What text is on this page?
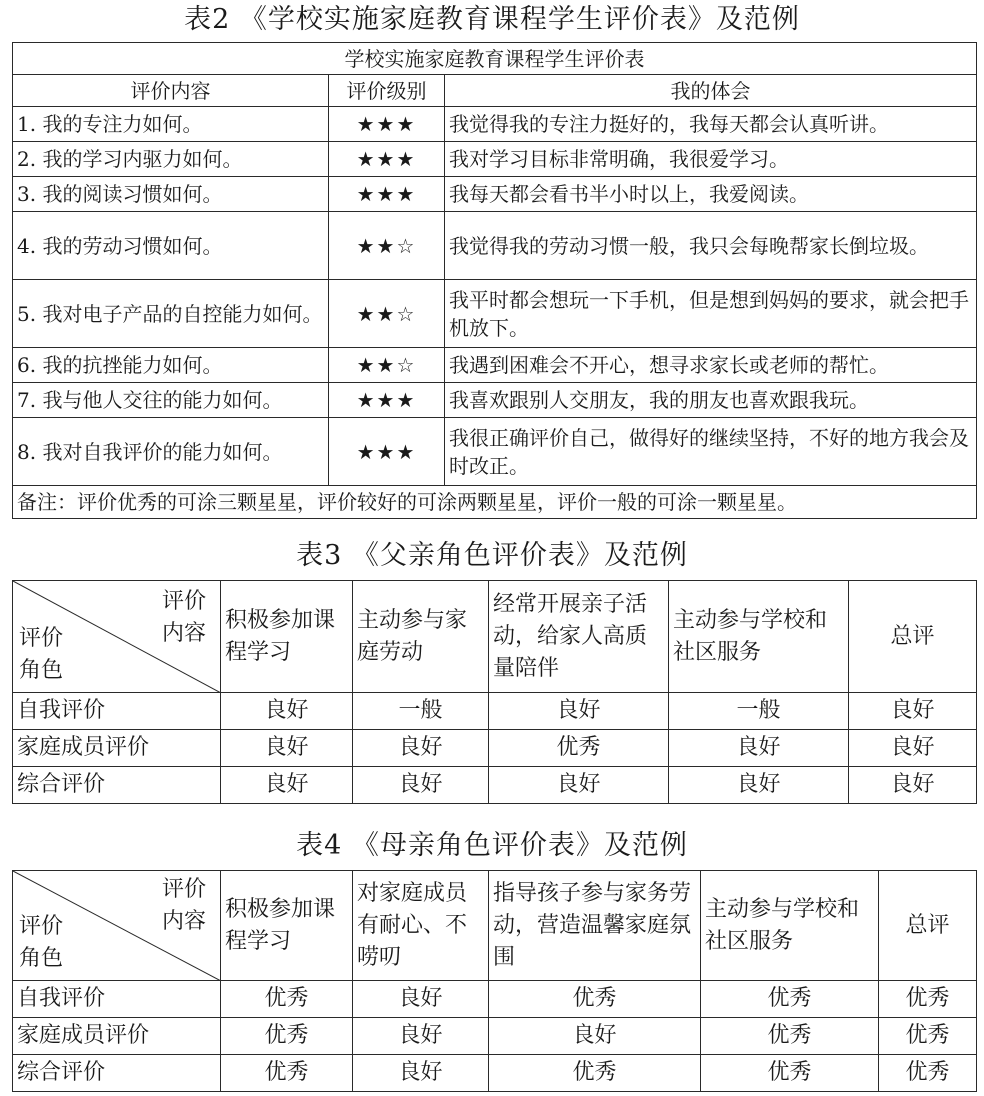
表2 《学校实施家庭教育课程学生评价表》及范例
学校实施家庭教育课程学生评价表		
评价内容	评价级别	我的体会
1. 我的专注力如何。	★★★	我觉得我的专注力挺好的，我每天都会认真听讲。
2. 我的学习内驱力如何。	★★★	我对学习目标非常明确，我很爱学习。
3. 我的阅读习惯如何。	★★★	我每天都会看书半小时以上，我爱阅读。
4. 我的劳动习惯如何。	★★☆	我觉得我的劳动习惯一般，我只会每晚帮家长倒垃圾。
5. 我对电子产品的自控能力如何。	★★☆	我平时都会想玩一下手机，但是想到妈妈的要求，就会把手机放下。
6. 我的抗挫能力如何。	★★☆	我遇到困难会不开心，想寻求家长或老师的帮忙。
7. 我与他人交往的能力如何。	★★★	我喜欢跟别人交朋友，我的朋友也喜欢跟我玩。
8. 我对自我评价的能力如何。	★★★	我很正确评价自己，做得好的继续坚持，不好的地方我会及时改正。
备注：评价优秀的可涂三颗星星，评价较好的可涂两颗星星，评价一般的可涂一颗星星。		
表3 《父亲角色评价表》及范例
评价
内容
评价
角色	积极参加课程学习	主动参与家庭劳动	经常开展亲子活动，给家人高质量陪伴	主动参与学校和社区服务	总评
自我评价	良好	一般	良好	一般	良好
家庭成员评价	良好	良好	优秀	良好	良好
综合评价	良好	良好	良好	良好	良好
表4 《母亲角色评价表》及范例
评价
内容
评价
角色	积极参加课程学习	对家庭成员有耐心、不唠叨	指导孩子参与家务劳动，营造温馨家庭氛围	主动参与学校和社区服务	总评
自我评价	优秀	良好	优秀	优秀	优秀
家庭成员评价	优秀	良好	良好	优秀	优秀
综合评价	优秀	良好	优秀	优秀	优秀
